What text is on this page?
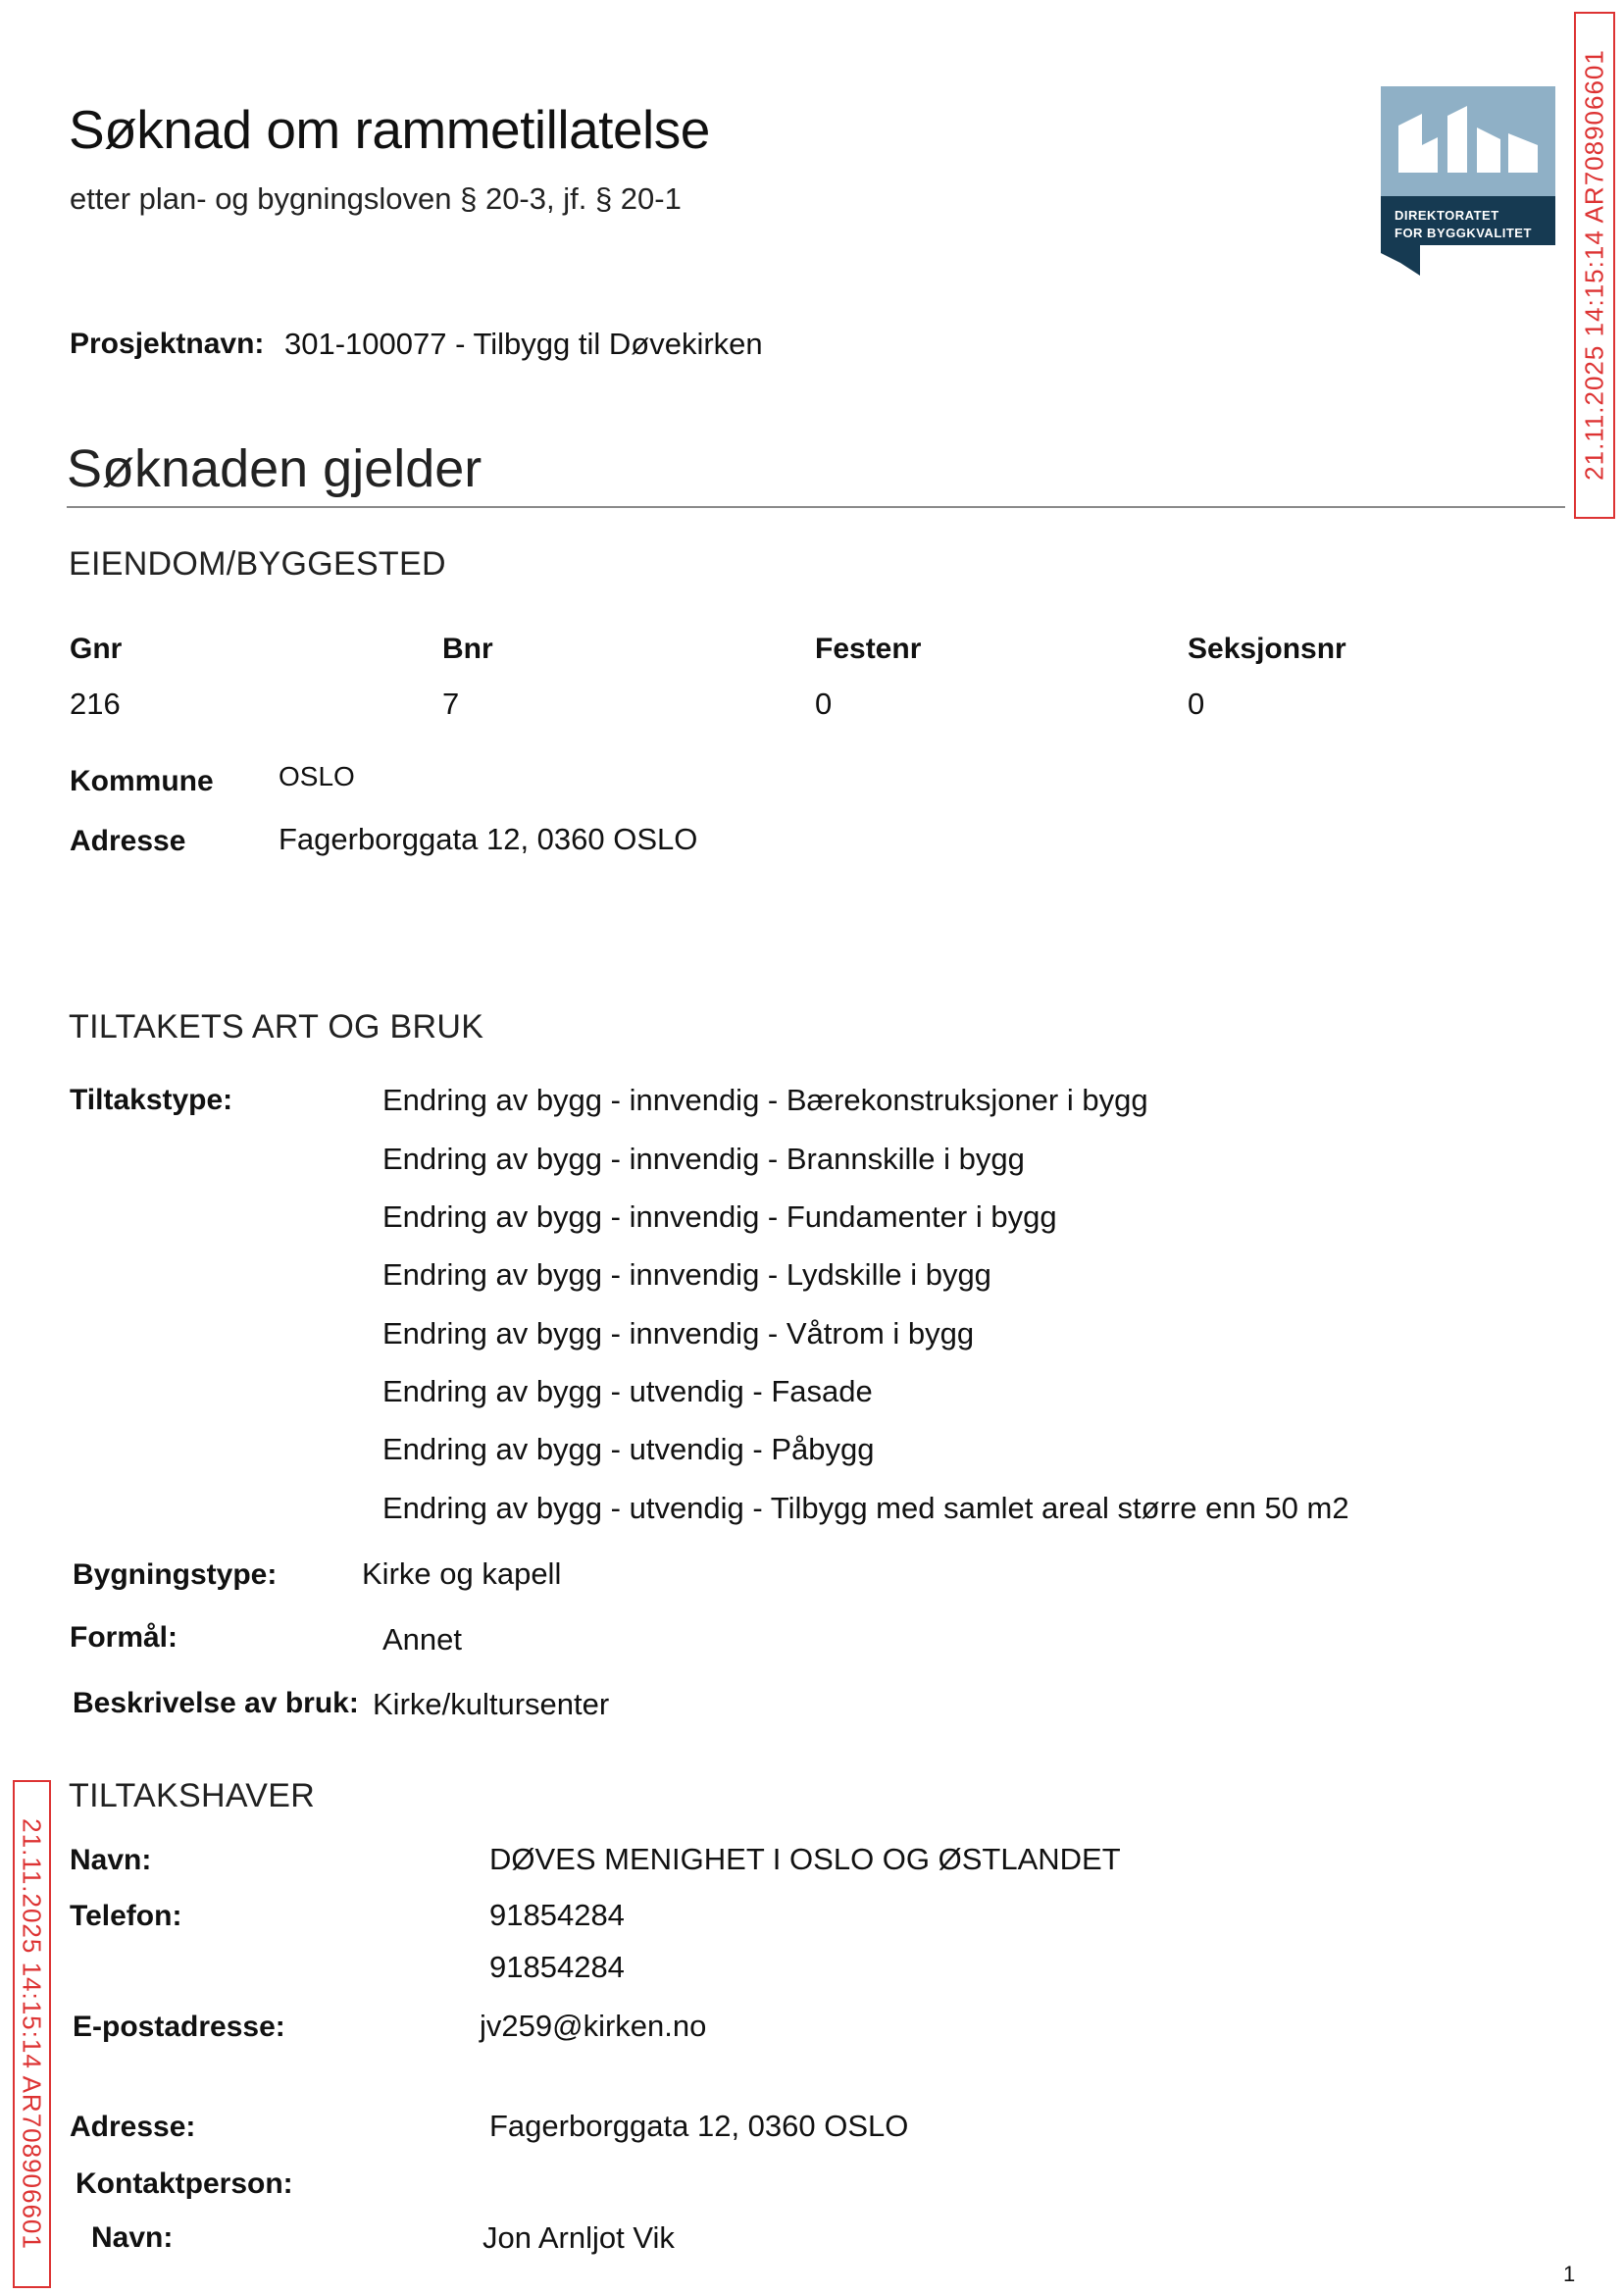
Søknad om rammetillatelse
etter plan- og bygningsloven § 20-3, jf. § 20-1	DIREKTORATET
FOR BYGGKVALITET 21.11.2025 14:15:14 AR708906601
Prosjektnavn: 301-100077 - Tilbygg til Døvekirken
Søknaden gjelder
EIENDOM/BYGGESTED
Gnr	Bnr	Festenr	Seksjonsnr
216	7	0	0
Kommune OSLO
Adresse	Fagerborggata 12, 0360 OSLO
TILTAKETS ART OG BRUK
Tiltakstype:	Endring av bygg - innvendig - Bærekonstruksjoner i bygg
Endring av bygg - innvendig - Brannskille i bygg
Endring av bygg - innvendig - Fundamenter i bygg
Endring av bygg - innvendig - Lydskille i bygg
Endring av bygg - innvendig - Våtrom i bygg
Endring av bygg - utvendig - Fasade
Endring av bygg - utvendig - Påbygg
Endring av bygg - utvendig - Tilbygg med samlet areal større enn 50 m2
Bygningstype:	Kirke og kapell
Formål:	Annet
Beskrivelse av bruk: Kirke/kultursenter
21.11.2025 14:15:14 AR708906601
TILTAKSHAVER
Navn:	DØVES MENIGHET I OSLO OG ØSTLANDET
Telefon:	91854284
91854284
E-postadresse:	jv259@kirken.no
Adresse:	Fagerborggata 12, 0360 OSLO
Kontaktperson:
Navn:	Jon Arnljot Vik
1
